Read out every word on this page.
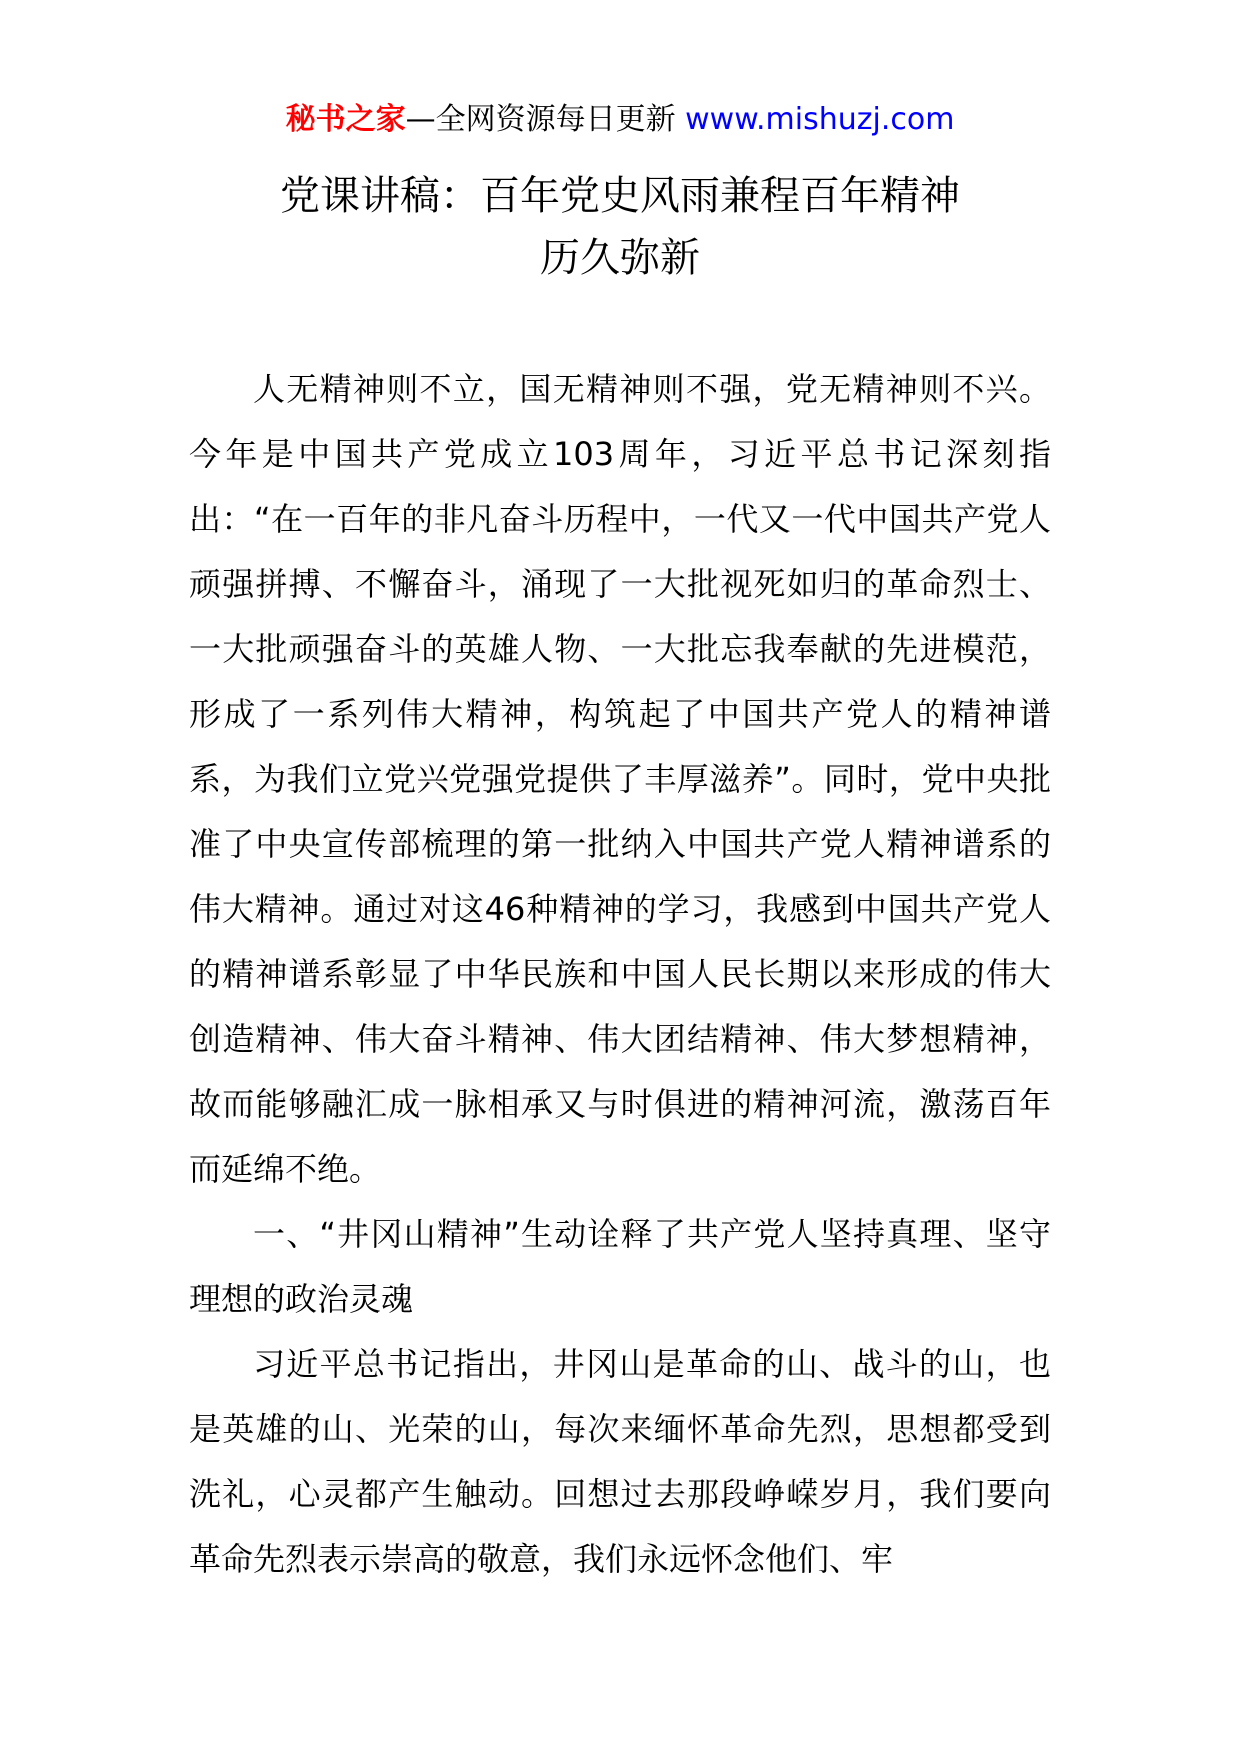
秘书之家—全网资源每日更新 www.mishuzj.com
党课讲稿：百年党史风雨兼程百年精神
历久弥新

人无精神则不立，国无精神则不强，党无精神则不兴。今年是中国共产党成立103周年，习近平总书记深刻指出：“在一百年的非凡奋斗历程中，一代又一代中国共产党人顽强拼搏、不懈奋斗，涌现了一大批视死如归的革命烈士、一大批顽强奋斗的英雄人物、一大批忘我奉献的先进模范，形成了一系列伟大精神，构筑起了中国共产党人的精神谱系，为我们立党兴党强党提供了丰厚滋养”。同时，党中央批准了中央宣传部梳理的第一批纳入中国共产党人精神谱系的伟大精神。通过对这46种精神的学习，我感到中国共产党人的精神谱系彰显了中华民族和中国人民长期以来形成的伟大创造精神、伟大奋斗精神、伟大团结精神、伟大梦想精神，故而能够融汇成一脉相承又与时俱进的精神河流，激荡百年而延绵不绝。

一、“井冈山精神”生动诠释了共产党人坚持真理、坚守理想的政治灵魂

习近平总书记指出，井冈山是革命的山、战斗的山，也是英雄的山、光荣的山，每次来缅怀革命先烈，思想都受到洗礼，心灵都产生触动。回想过去那段峥嵘岁月，我们要向革命先烈表示崇高的敬意，我们永远怀念他们、牢
